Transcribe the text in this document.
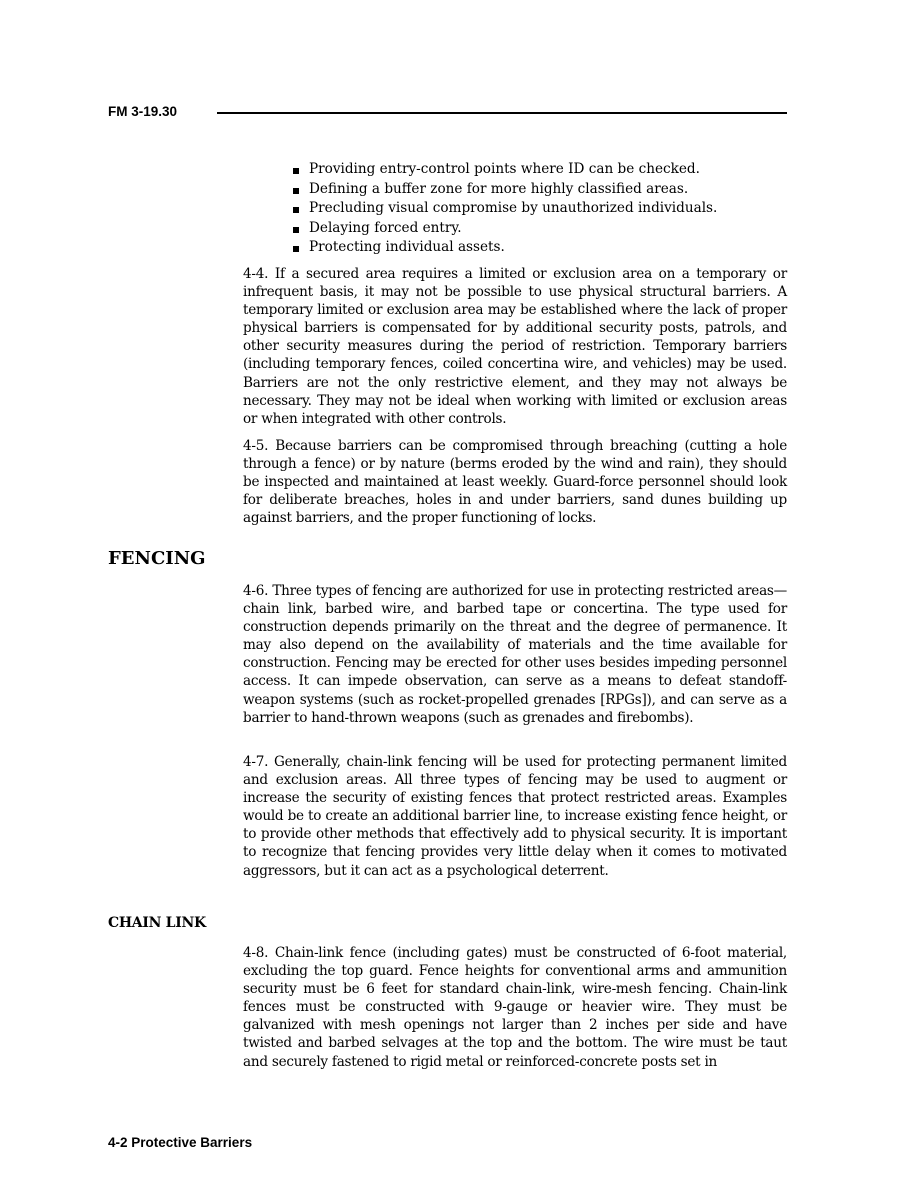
FM 3-19.30
Providing entry-control points where ID can be checked.
Defining a buffer zone for more highly classified areas.
Precluding visual compromise by unauthorized individuals.
Delaying forced entry.
Protecting individual assets.

4-4. If a secured area requires a limited or exclusion area on a temporary or infrequent basis, it may not be possible to use physical structural barriers. A temporary limited or exclusion area may be established where the lack of proper physical barriers is compensated for by additional security posts, patrols, and other security measures during the period of restriction. Temporary barriers (including temporary fences, coiled concertina wire, and vehicles) may be used. Barriers are not the only restrictive element, and they may not always be necessary. They may not be ideal when working with limited or exclusion areas or when integrated with other controls.

4-5. Because barriers can be compromised through breaching (cutting a hole through a fence) or by nature (berms eroded by the wind and rain), they should be inspected and maintained at least weekly. Guard-force personnel should look for deliberate breaches, holes in and under barriers, sand dunes building up against barriers, and the proper functioning of locks.

FENCING

4-6. Three types of fencing are authorized for use in protecting restricted areas—chain link, barbed wire, and barbed tape or concertina. The type used for construction depends primarily on the threat and the degree of permanence. It may also depend on the availability of materials and the time available for construction. Fencing may be erected for other uses besides impeding personnel access. It can impede observation, can serve as a means to defeat standoff-weapon systems (such as rocket-propelled grenades [RPGs]), and can serve as a barrier to hand-thrown weapons (such as grenades and firebombs).

4-7. Generally, chain-link fencing will be used for protecting permanent limited and exclusion areas. All three types of fencing may be used to augment or increase the security of existing fences that protect restricted areas. Examples would be to create an additional barrier line, to increase existing fence height, or to provide other methods that effectively add to physical security. It is important to recognize that fencing provides very little delay when it comes to motivated aggressors, but it can act as a psychological deterrent.

CHAIN LINK

4-8. Chain-link fence (including gates) must be constructed of 6-foot material, excluding the top guard. Fence heights for conventional arms and ammunition security must be 6 feet for standard chain-link, wire-mesh fencing. Chain-link fences must be constructed with 9-gauge or heavier wire. They must be galvanized with mesh openings not larger than 2 inches per side and have twisted and barbed selvages at the top and the bottom. The wire must be taut and securely fastened to rigid metal or reinforced-concrete posts set in

4-2 Protective Barriers
